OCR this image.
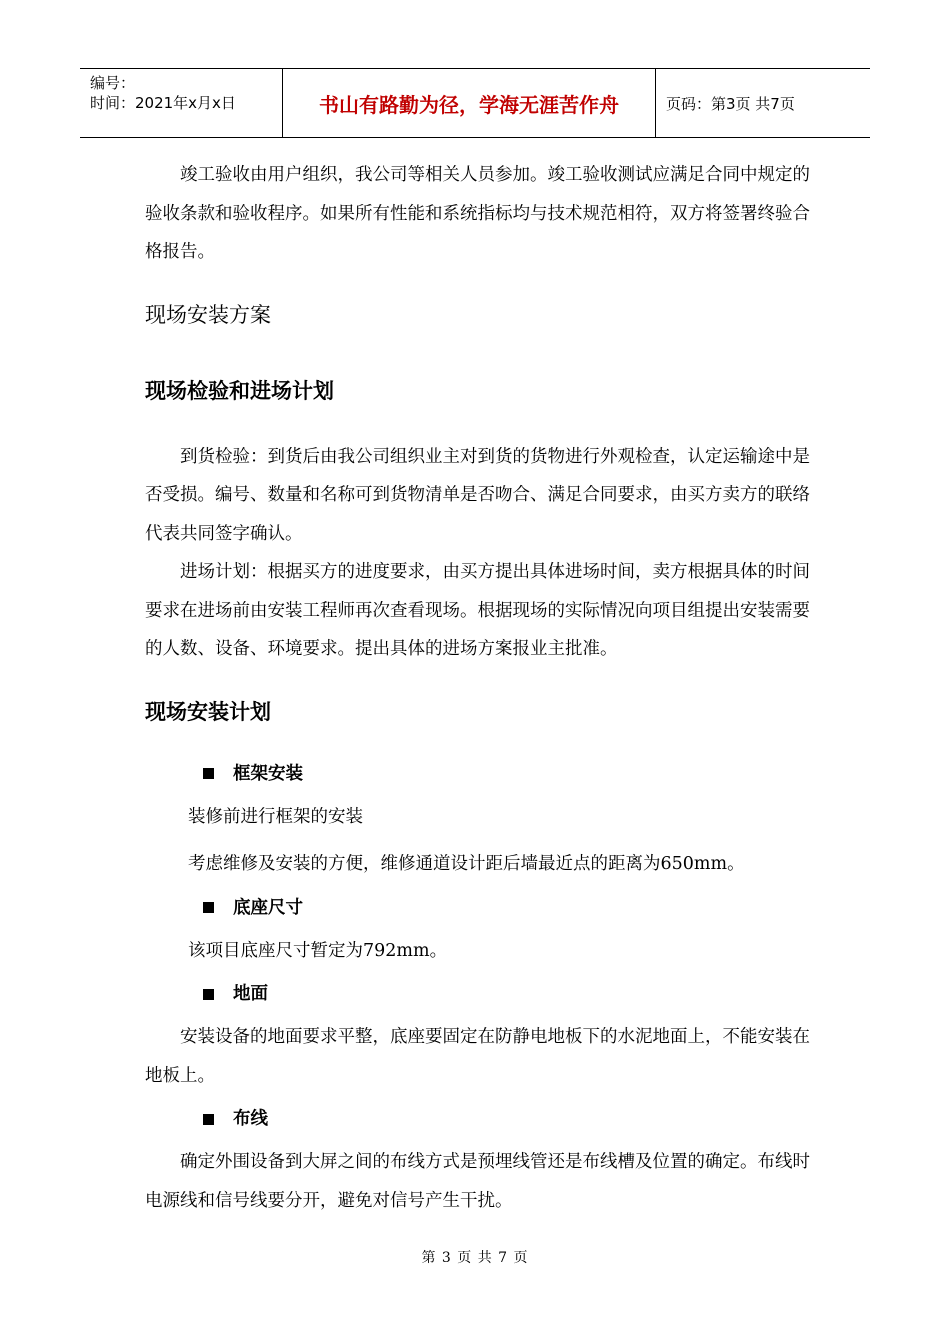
编号：
时间：2021年x月x日	书山有路勤为径，学海无涯苦作舟	页码：第3页 共7页

竣工验收由用户组织，我公司等相关人员参加。竣工验收测试应满足合同中规定的验收条款和验收程序。如果所有性能和系统指标均与技术规范相符，双方将签署终验合格报告。

现场安装方案
现场检验和进场计划

到货检验：到货后由我公司组织业主对到货的货物进行外观检查，认定运输途中是否受损。编号、数量和名称可到货物清单是否吻合、满足合同要求，由买方卖方的联络代表共同签字确认。

进场计划：根据买方的进度要求，由买方提出具体进场时间，卖方根据具体的时间要求在进场前由安装工程师再次查看现场。根据现场的实际情况向项目组提出安装需要的人数、设备、环境要求。提出具体的进场方案报业主批准。

现场安装计划
框架安装

装修前进行框架的安装

考虑维修及安装的方便，维修通道设计距后墙最近点的距离为650mm。

底座尺寸

该项目底座尺寸暂定为792mm。

地面

安装设备的地面要求平整，底座要固定在防静电地板下的水泥地面上，不能安装在地板上。

布线

确定外围设备到大屏之间的布线方式是预埋线管还是布线槽及位置的确定。布线时电源线和信号线要分开，避免对信号产生干扰。

第 3 页 共 7 页
